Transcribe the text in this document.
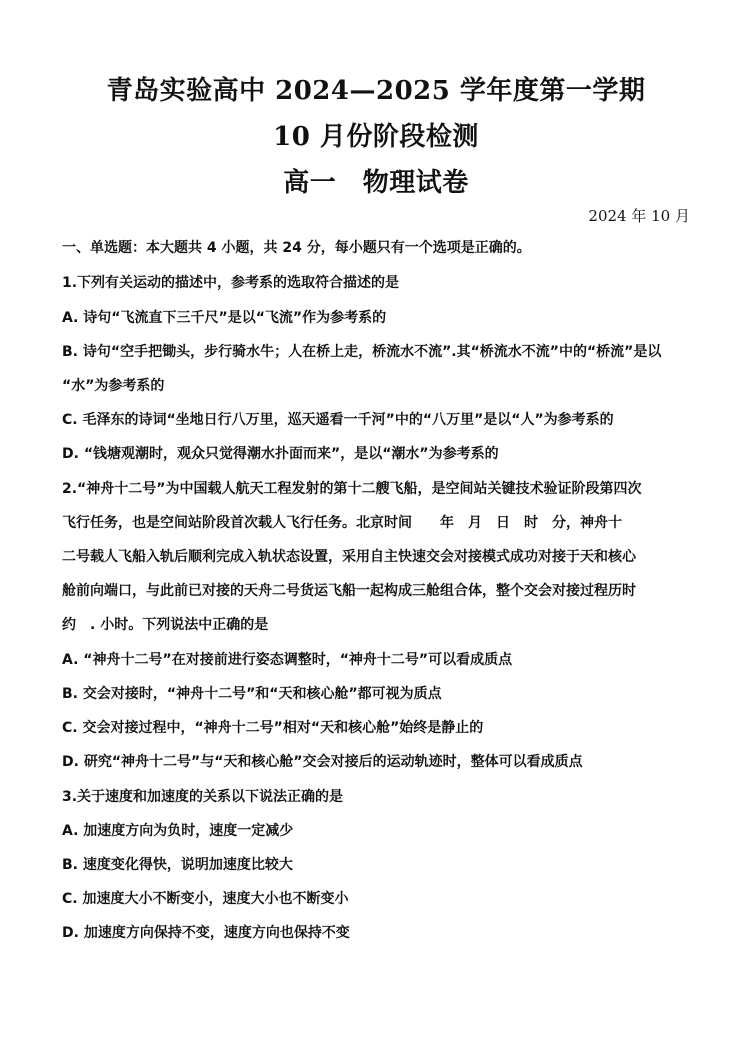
青岛实验高中 2024—2025 学年度第一学期
10 月份阶段检测
高一　物理试卷
2024 年 10 月
一、单选题：本大题共 4 小题，共 24 分，每小题只有一个选项是正确的。
1.下列有关运动的描述中，参考系的选取符合描述的是
A. 诗句“飞流直下三千尺”是以“飞流”作为参考系的
B. 诗句“空手把锄头，步行骑水牛；人在桥上走，桥流水不流”.其“桥流水不流”中的“桥流”是以
“水”为参考系的
C. 毛泽东的诗词“坐地日行八万里，巡天遥看一千河”中的“八万里”是以“人”为参考系的
D. “钱塘观潮时，观众只觉得潮水扑面而来”，是以“潮水”为参考系的
2.“神舟十二号”为中国载人航天工程发射的第十二艘飞船，是空间站关键技术验证阶段第四次
飞行任务，也是空间站阶段首次载人飞行任务。北京时间　　年　月　日　时　分，神舟十
二号载人飞船入轨后顺利完成入轨状态设置，采用自主快速交会对接模式成功对接于天和核心
舱前向端口，与此前已对接的天舟二号货运飞船一起构成三舱组合体，整个交会对接过程历时
约　. 小时。下列说法中正确的是
A. “神舟十二号”在对接前进行姿态调整时，“神舟十二号”可以看成质点
B. 交会对接时，“神舟十二号”和“天和核心舱”都可视为质点
C. 交会对接过程中，“神舟十二号”相对“天和核心舱”始终是静止的
D. 研究“神舟十二号”与“天和核心舱”交会对接后的运动轨迹时，整体可以看成质点
3.关于速度和加速度的关系以下说法正确的是
A. 加速度方向为负时，速度一定减少
B. 速度变化得快，说明加速度比较大
C. 加速度大小不断变小，速度大小也不断变小
D. 加速度方向保持不变，速度方向也保持不变
